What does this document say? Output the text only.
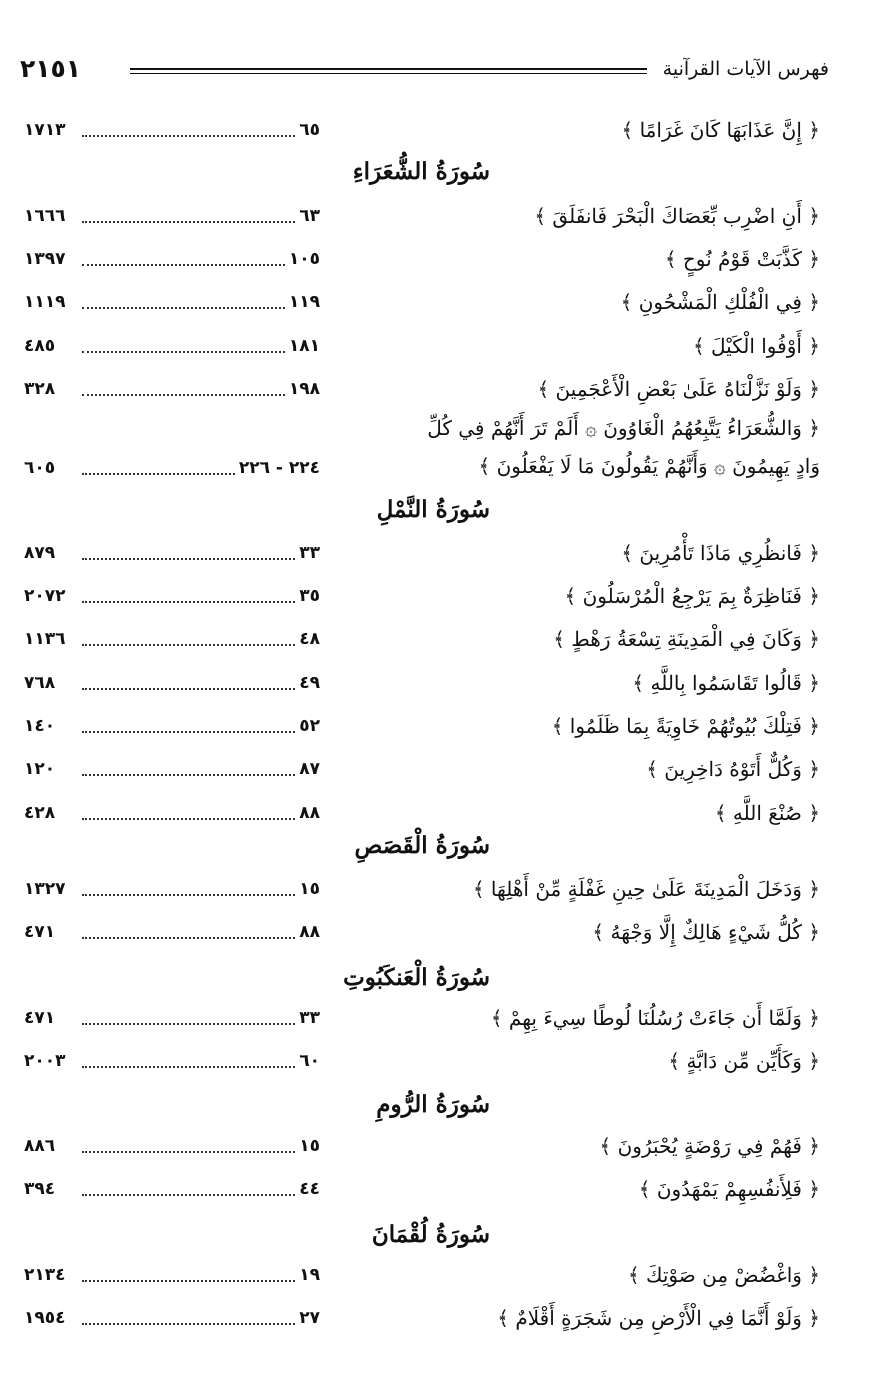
٢١٥١	فهرس الآيات القرآنية
﴿ إِنَّ عَذَابَهَا كَانَ غَرَامًا ﴾
٦٥
١٧١٣
سُورَةُ الشُّعَرَاءِ
﴿ أَنِ اضْرِب بِّعَصَاكَ الْبَحْرَ فَانفَلَقَ ﴾
٦٣
١٦٦٦
﴿ كَذَّبَتْ قَوْمُ نُوحٍ ﴾
١٠٥
١٣٩٧
﴿ فِي الْفُلْكِ الْمَشْحُونِ ﴾
١١٩
١١١٩
﴿ أَوْفُوا الْكَيْلَ ﴾
١٨١
٤٨٥
﴿ وَلَوْ نَزَّلْنَاهُ عَلَىٰ بَعْضِ الْأَعْجَمِينَ ﴾
١٩٨
٣٢٨
﴿ وَالشُّعَرَاءُ يَتَّبِعُهُمُ الْغَاوُونَ ۞ أَلَمْ تَرَ أَنَّهُمْ فِي كُلِّ
وَادٍ يَهِيمُونَ ۞ وَأَنَّهُمْ يَقُولُونَ مَا لَا يَفْعَلُونَ ﴾
٢٢٤ - ٢٢٦
٦٠٥
سُورَةُ النَّمْلِ
﴿ فَانظُرِي مَاذَا تَأْمُرِينَ ﴾
٣٣
٨٧٩
﴿ فَنَاظِرَةٌ بِمَ يَرْجِعُ الْمُرْسَلُونَ ﴾
٣٥
٢٠٧٢
﴿ وَكَانَ فِي الْمَدِينَةِ تِسْعَةُ رَهْطٍ ﴾
٤٨
١١٣٦
﴿ قَالُوا تَقَاسَمُوا بِاللَّهِ ﴾
٤٩
٧٦٨
﴿ فَتِلْكَ بُيُوتُهُمْ خَاوِيَةً بِمَا ظَلَمُوا ﴾
٥٢
١٤٠
﴿ وَكُلٌّ أَتَوْهُ دَاخِرِينَ ﴾
٨٧
١٢٠
﴿ صُنْعَ اللَّهِ ﴾
٨٨
٤٢٨
سُورَةُ الْقَصَصِ
﴿ وَدَخَلَ الْمَدِينَةَ عَلَىٰ حِينِ غَفْلَةٍ مِّنْ أَهْلِهَا ﴾
١٥
١٣٢٧
﴿ كُلُّ شَيْءٍ هَالِكٌ إِلَّا وَجْهَهُ ﴾
٨٨
٤٧١
سُورَةُ الْعَنكَبُوتِ
﴿ وَلَمَّا أَن جَاءَتْ رُسُلُنَا لُوطًا سِيءَ بِهِمْ ﴾
٣٣
٤٧١
﴿ وَكَأَيِّن مِّن دَابَّةٍ ﴾
٦٠
٢٠٠٣
سُورَةُ الرُّومِ
﴿ فَهُمْ فِي رَوْضَةٍ يُحْبَرُونَ ﴾
١٥
٨٨٦
﴿ فَلِأَنفُسِهِمْ يَمْهَدُونَ ﴾
٤٤
٣٩٤
سُورَةُ لُقْمَانَ
﴿ وَاغْضُضْ مِن صَوْتِكَ ﴾
١٩
٢١٣٤
﴿ وَلَوْ أَنَّمَا فِي الْأَرْضِ مِن شَجَرَةٍ أَقْلَامٌ ﴾
٢٧
١٩٥٤
